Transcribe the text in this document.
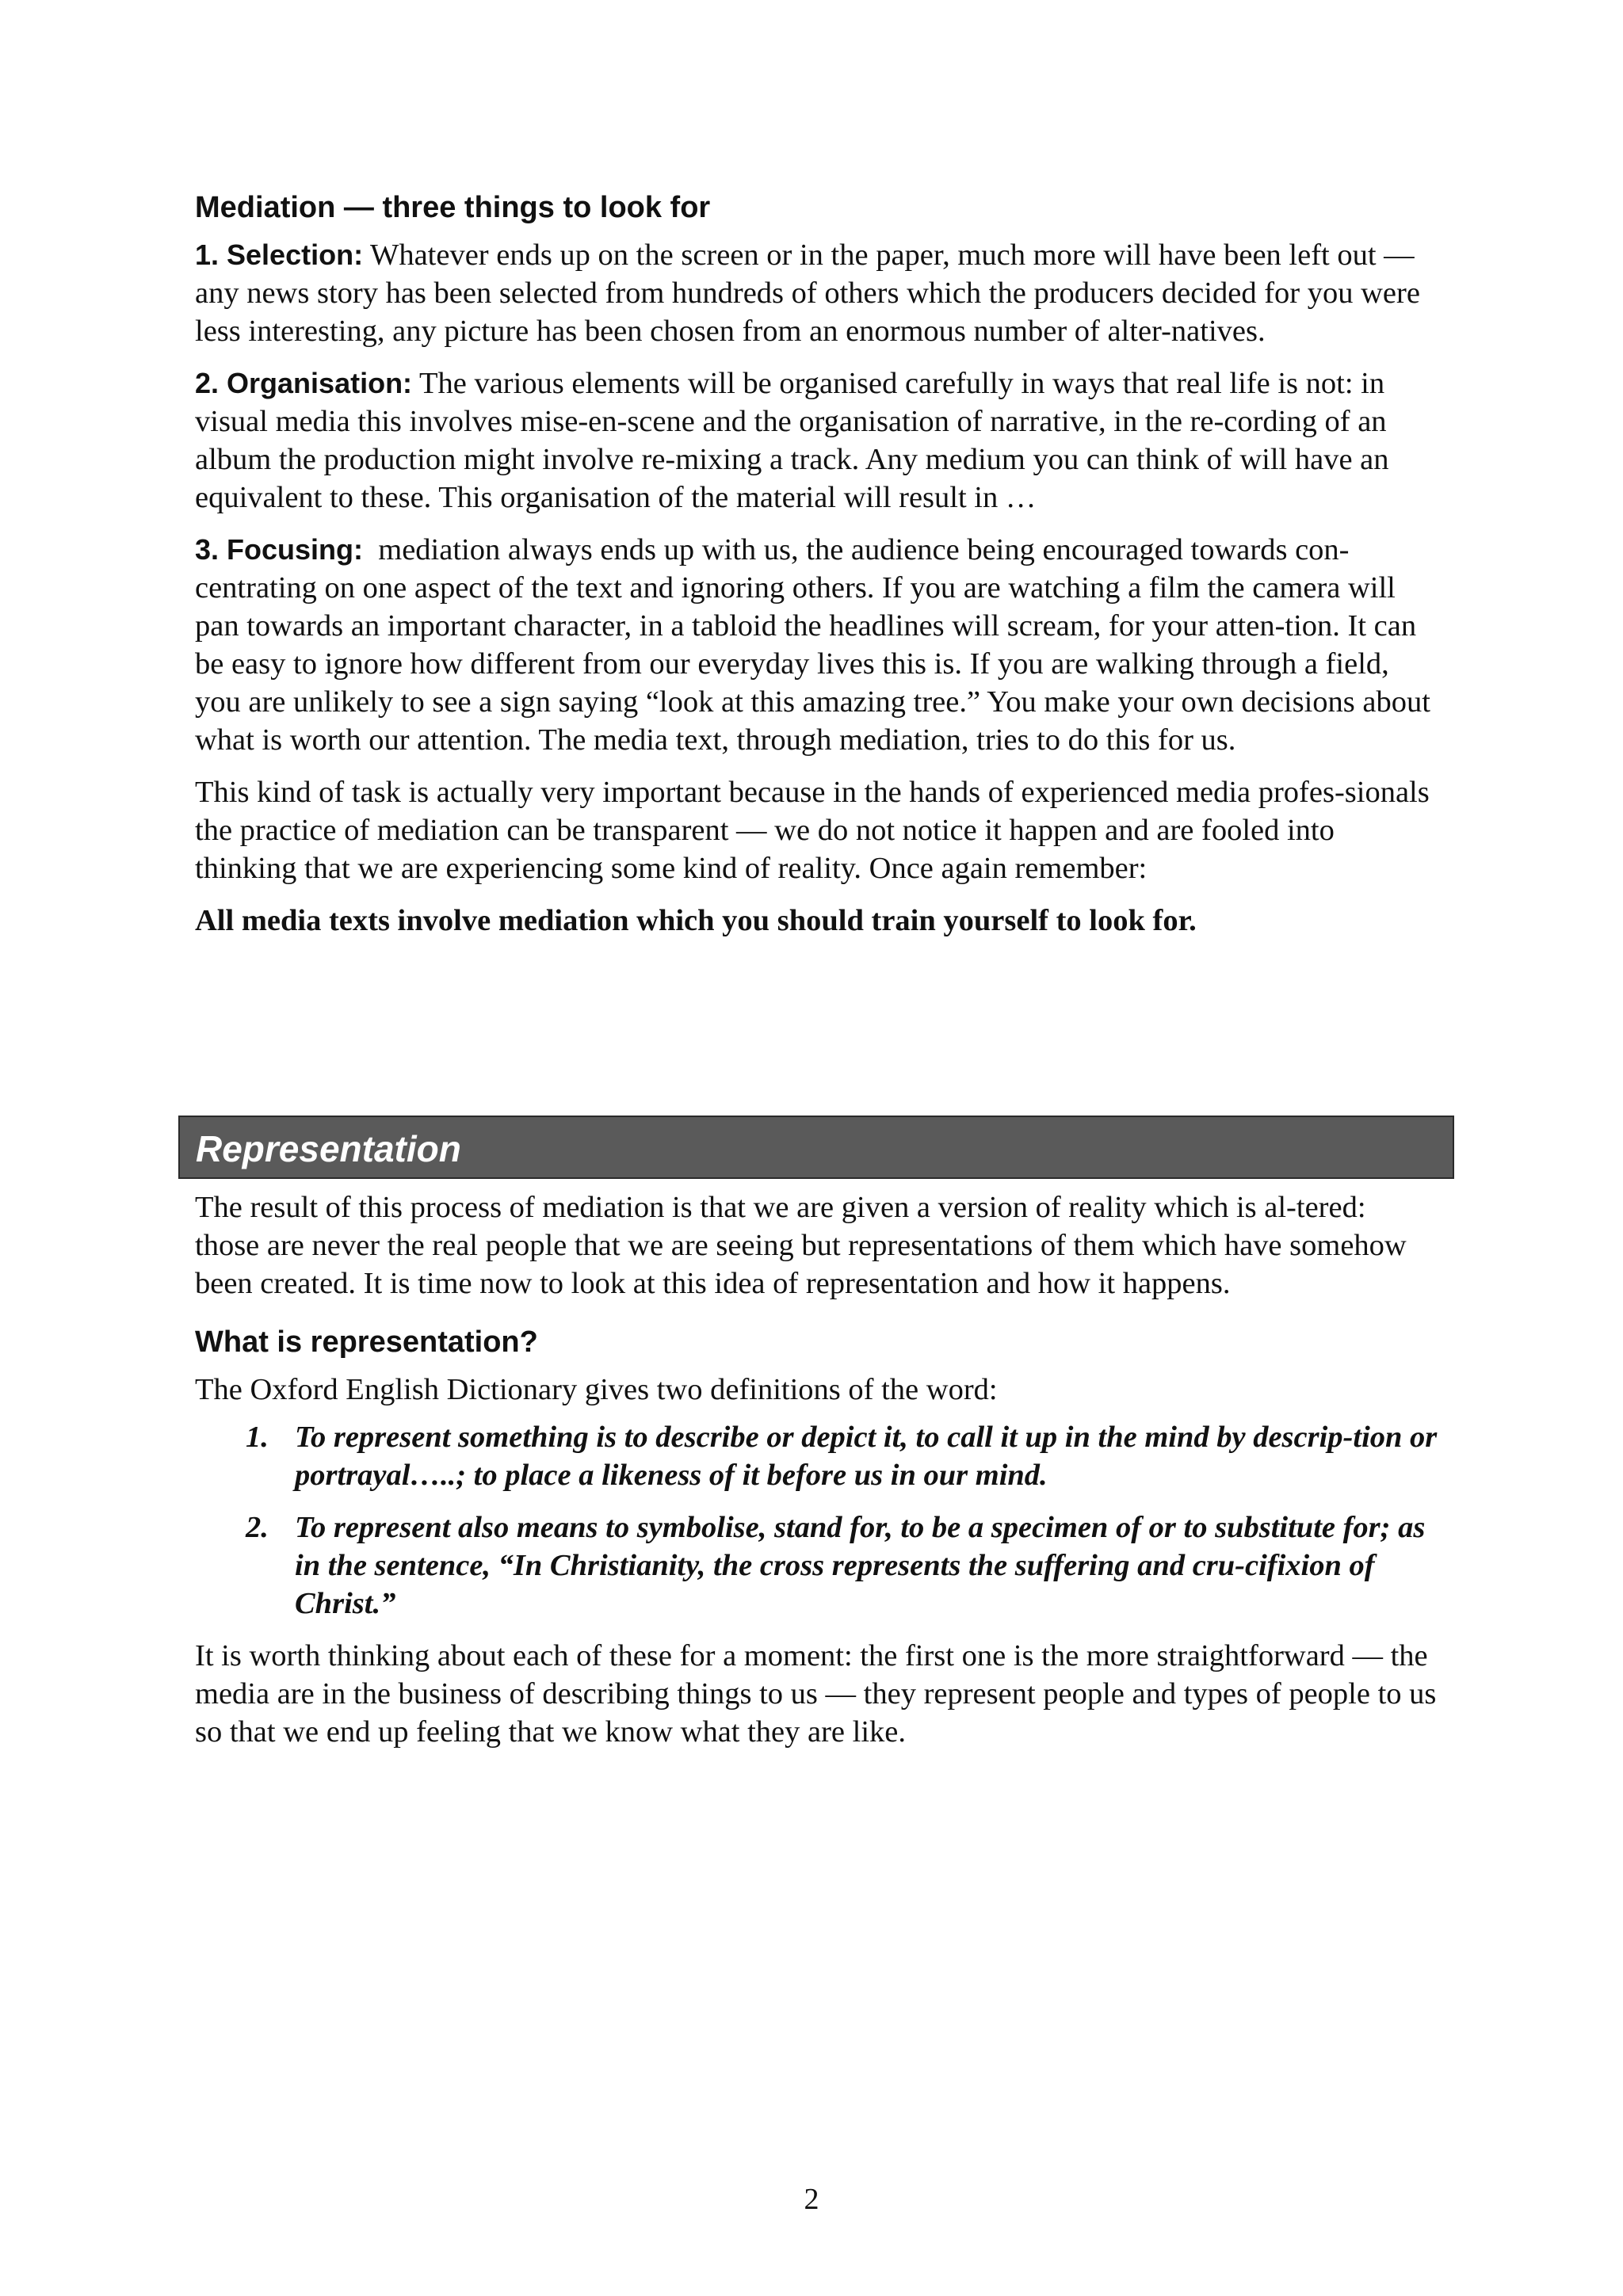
Mediation — three things to look for

1. Selection: Whatever ends up on the screen or in the paper, much more will have been left out — any news story has been selected from hundreds of others which the producers decided for you were less interesting, any picture has been chosen from an enormous number of alter-natives.

2. Organisation: The various elements will be organised carefully in ways that real life is not: in visual media this involves mise-en-scene and the organisation of narrative, in the re-cording of an album the production might involve re-mixing a track. Any medium you can think of will have an equivalent to these. This organisation of the material will result in …

3. Focusing:  mediation always ends up with us, the audience being encouraged towards con-centrating on one aspect of the text and ignoring others. If you are watching a film the camera will pan towards an important character, in a tabloid the headlines will scream, for your atten-tion. It can be easy to ignore how different from our everyday lives this is. If you are walking through a field, you are unlikely to see a sign saying “look at this amazing tree.” You make your own decisions about what is worth our attention. The media text, through mediation, tries to do this for us.

This kind of task is actually very important because in the hands of experienced media profes-sionals the practice of mediation can be transparent — we do not notice it happen and are fooled into thinking that we are experiencing some kind of reality. Once again remember:

All media texts involve mediation which you should train yourself to look for.

Representation

The result of this process of mediation is that we are given a version of reality which is al-tered:  those are never the real people that we are seeing but representations of them which have somehow been created. It is time now to look at this idea of representation and how it happens.

What is representation?

The Oxford English Dictionary gives two definitions of the word:

1. To represent something is to describe or depict it, to call it up in the mind by descrip-tion or portrayal…..; to place a likeness of it before us in our mind.
2. To represent also means to symbolise, stand for, to be a specimen of or to substitute for; as in the sentence, “In Christianity, the cross represents the suffering and cru-cifixion of Christ.”

It is worth thinking about each of these for a moment: the first one is the more straightforward — the media are in the business of describing things to us — they represent people and types of people to us so that we end up feeling that we know what they are like.

2
